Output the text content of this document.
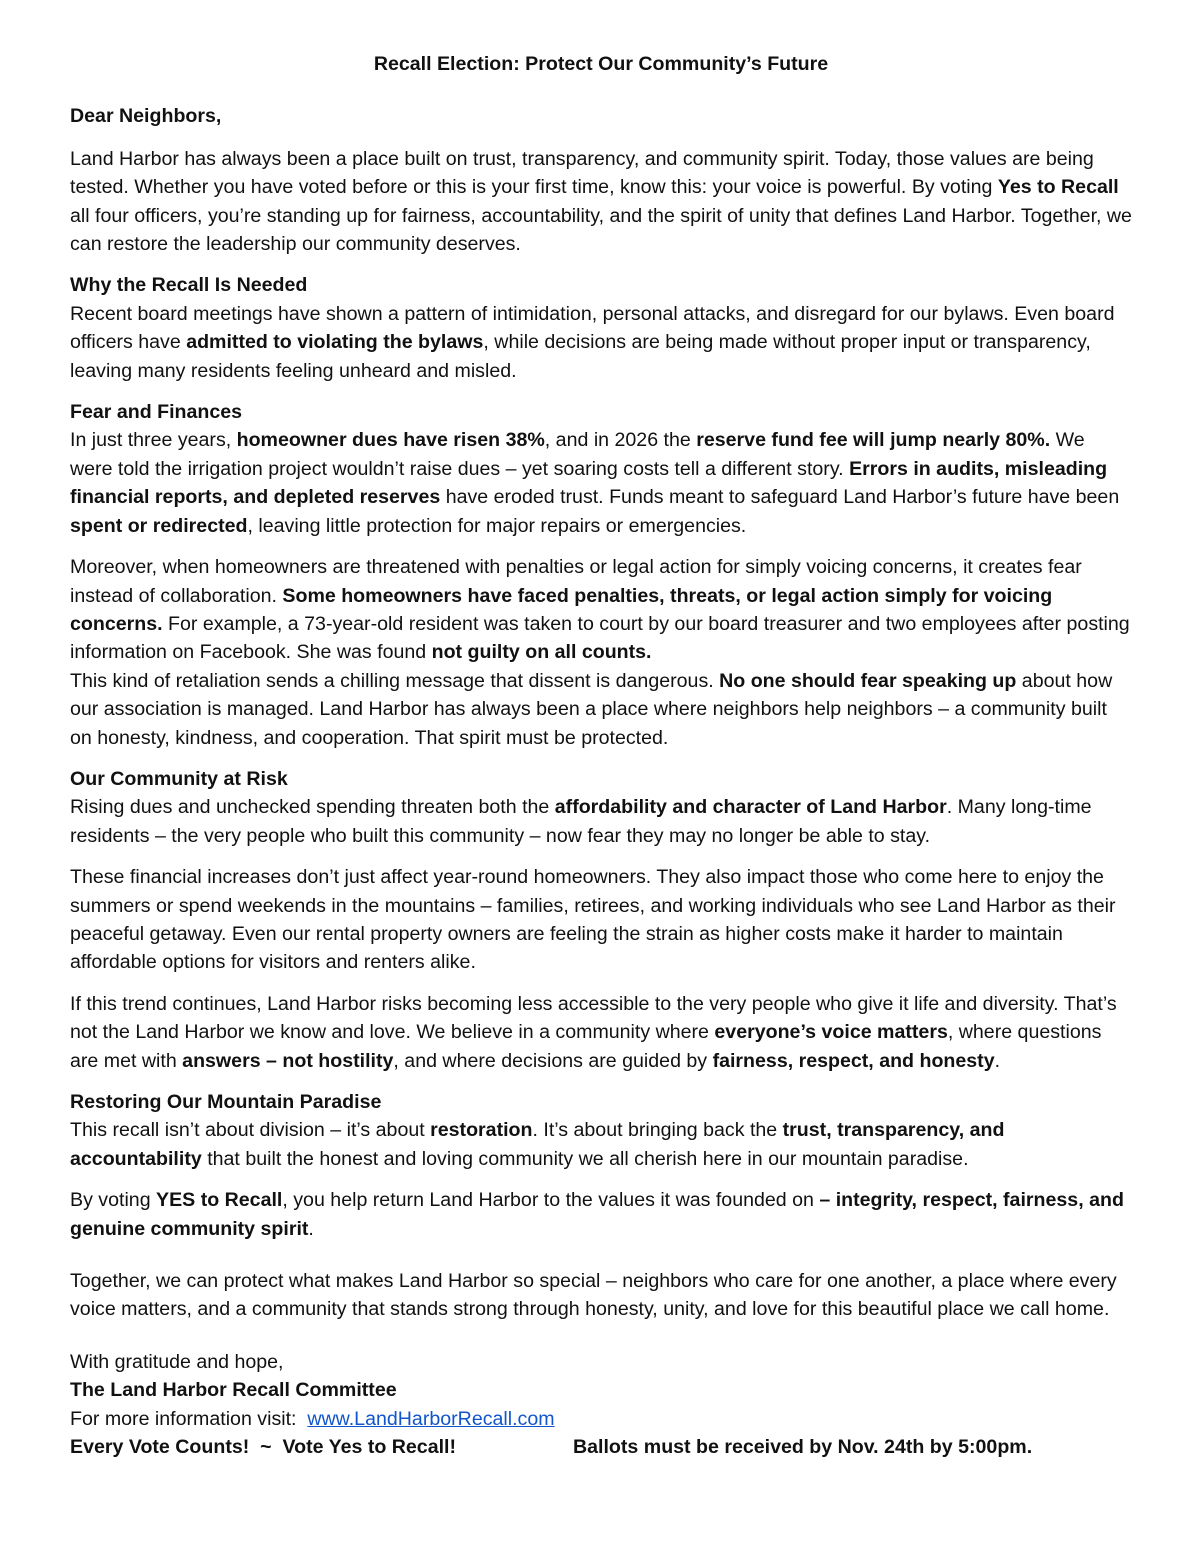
Recall Election: Protect Our Community’s Future
Dear Neighbors,

Land Harbor has always been a place built on trust, transparency, and community spirit. Today, those values are being tested. Whether you have voted before or this is your first time, know this: your voice is powerful. By voting Yes to Recall all four officers, you’re standing up for fairness, accountability, and the spirit of unity that defines Land Harbor. Together, we can restore the leadership our community deserves.

Why the Recall Is Needed
Recent board meetings have shown a pattern of intimidation, personal attacks, and disregard for our bylaws. Even board officers have admitted to violating the bylaws, while decisions are being made without proper input or transparency, leaving many residents feeling unheard and misled.

Fear and Finances
In just three years, homeowner dues have risen 38%, and in 2026 the reserve fund fee will jump nearly 80%. We were told the irrigation project wouldn’t raise dues – yet soaring costs tell a different story. Errors in audits, misleading financial reports, and depleted reserves have eroded trust. Funds meant to safeguard Land Harbor’s future have been spent or redirected, leaving little protection for major repairs or emergencies.

Moreover, when homeowners are threatened with penalties or legal action for simply voicing concerns, it creates fear instead of collaboration. Some homeowners have faced penalties, threats, or legal action simply for voicing concerns. For example, a 73-year-old resident was taken to court by our board treasurer and two employees after posting information on Facebook. She was found not guilty on all counts.
This kind of retaliation sends a chilling message that dissent is dangerous. No one should fear speaking up about how our association is managed. Land Harbor has always been a place where neighbors help neighbors – a community built on honesty, kindness, and cooperation. That spirit must be protected.

Our Community at Risk
Rising dues and unchecked spending threaten both the affordability and character of Land Harbor. Many long-time residents – the very people who built this community – now fear they may no longer be able to stay.

These financial increases don’t just affect year-round homeowners. They also impact those who come here to enjoy the summers or spend weekends in the mountains – families, retirees, and working individuals who see Land Harbor as their peaceful getaway. Even our rental property owners are feeling the strain as higher costs make it harder to maintain affordable options for visitors and renters alike.

If this trend continues, Land Harbor risks becoming less accessible to the very people who give it life and diversity. That’s not the Land Harbor we know and love. We believe in a community where everyone’s voice matters, where questions are met with answers – not hostility, and where decisions are guided by fairness, respect, and honesty.

Restoring Our Mountain Paradise
This recall isn’t about division – it’s about restoration. It’s about bringing back the trust, transparency, and accountability that built the honest and loving community we all cherish here in our mountain paradise.

By voting YES to Recall, you help return Land Harbor to the values it was founded on – integrity, respect, fairness, and genuine community spirit.

Together, we can protect what makes Land Harbor so special – neighbors who care for one another, a place where every voice matters, and a community that stands strong through honesty, unity, and love for this beautiful place we call home.

With gratitude and hope,
The Land Harbor Recall Committee
For more information visit:  www.LandHarborRecall.com
Every Vote Counts!  ~  Vote Yes to Recall!	Ballots must be received by Nov. 24th by 5:00pm.
